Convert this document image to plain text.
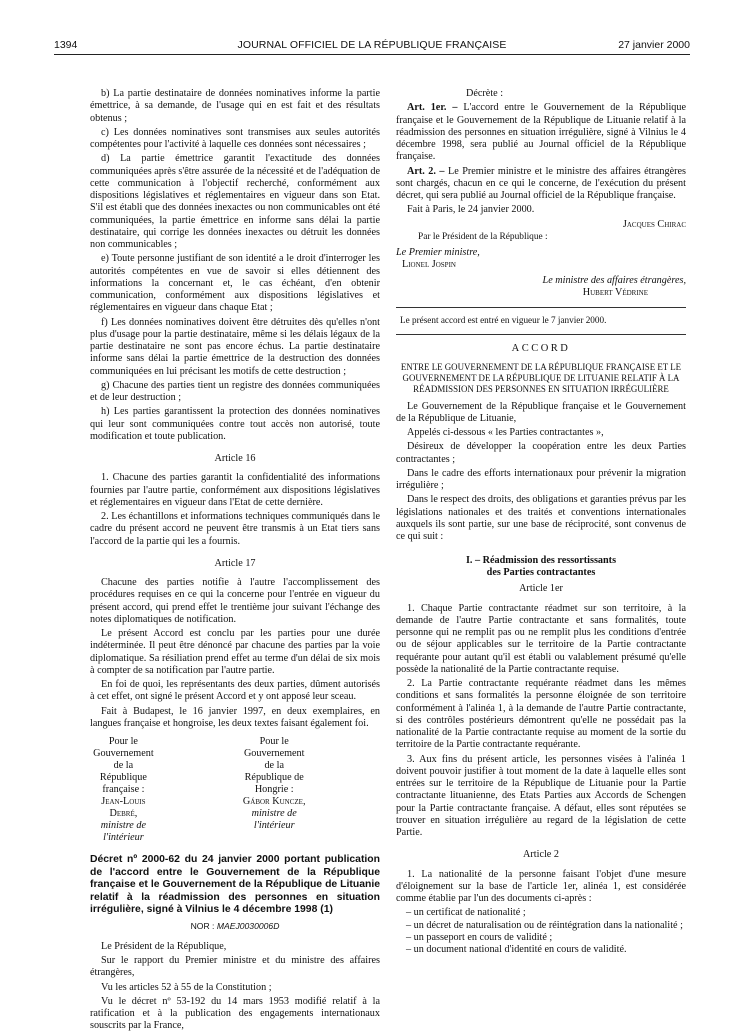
1394	JOURNAL OFFICIEL DE LA RÉPUBLIQUE FRANÇAISE	27 janvier 2000

b) La partie destinataire de données nominatives informe la partie émettrice, à sa demande, de l'usage qui en est fait et des résultats obtenus ;

c) Les données nominatives sont transmises aux seules autorités compétentes pour l'activité à laquelle ces données sont nécessaires ;

d) La partie émettrice garantit l'exactitude des données communiquées après s'être assurée de la nécessité et de l'adéquation de cette communication à l'objectif recherché, conformément aux dispositions législatives et réglementaires en vigueur dans son Etat. S'il est établi que des données inexactes ou non communicables ont été communiquées, la partie émettrice en informe sans délai la partie destinataire, qui corrige les données inexactes ou détruit les données non communicables ;

e) Toute personne justifiant de son identité a le droit d'interroger les autorités compétentes en vue de savoir si elles détiennent des informations la concernant et, le cas échéant, d'en obtenir communication, conformément aux dispositions législatives et réglementaires en vigueur dans chaque Etat ;

f) Les données nominatives doivent être détruites dès qu'elles n'ont plus d'usage pour la partie destinataire, même si les délais légaux de la partie destinataire ne sont pas encore échus. La partie destinataire informe sans délai la partie émettrice de la destruction des données communiquées en lui précisant les motifs de cette destruction ;

g) Chacune des parties tient un registre des données communiquées et de leur destruction ;

h) Les parties garantissent la protection des données nominatives qui leur sont communiquées contre tout accès non autorisé, toute modification et toute publication.

Article 16

1. Chacune des parties garantit la confidentialité des informations fournies par l'autre partie, conformément aux dispositions législatives et réglementaires en vigueur dans l'Etat de cette dernière.

2. Les échantillons et informations techniques communiqués dans le cadre du présent accord ne peuvent être transmis à un Etat tiers sans l'accord de la partie qui les a fournis.

Article 17

Chacune des parties notifie à l'autre l'accomplissement des procédures requises en ce qui la concerne pour l'entrée en vigueur du présent accord, qui prend effet le trentième jour suivant l'échange des notes diplomatiques de notification.

Le présent Accord est conclu par les parties pour une durée indéterminée. Il peut être dénoncé par chacune des parties par la voie diplomatique. Sa résiliation prend effet au terme d'un délai de six mois à compter de sa notification par l'autre partie.

En foi de quoi, les représentants des deux parties, dûment autorisés à cet effet, ont signé le présent Accord et y ont apposé leur sceau.

Fait à Budapest, le 16 janvier 1997, en deux exemplaires, en langues française et hongroise, les deux textes faisant également foi.

Pour le Gouvernement
de la République française :
Jean-Louis Debré,
ministre de l'intérieur
Pour le Gouvernement
de la République de Hongrie :
Gábor Kuncze,
ministre de l'intérieur
Décret nº 2000-62 du 24 janvier 2000 portant publication de l'accord entre le Gouvernement de la République française et le Gouvernement de la République de Lituanie relatif à la réadmission des personnes en situation irrégulière, signé à Vilnius le 4 décembre 1998 (1)
NOR : MAEJ0030006D

Le Président de la République,

Sur le rapport du Premier ministre et du ministre des affaires étrangères,

Vu les articles 52 à 55 de la Constitution ;

Vu le décret nº 53-192 du 14 mars 1953 modifié relatif à la ratification et à la publication des engagements internationaux souscrits par la France,

Décrète :

Art. 1er. – L'accord entre le Gouvernement de la République française et le Gouvernement de la République de Lituanie relatif à la réadmission des personnes en situation irrégulière, signé à Vilnius le 4 décembre 1998, sera publié au Journal officiel de la République française.

Art. 2. – Le Premier ministre et le ministre des affaires étrangères sont chargés, chacun en ce qui le concerne, de l'exécution du présent décret, qui sera publié au Journal officiel de la République française.

Fait à Paris, le 24 janvier 2000.

Jacques Chirac
Par le Président de la République :
Le Premier ministre,
Lionel Jospin
Le ministre des affaires étrangères,
Hubert Védrine
Le présent accord est entré en vigueur le 7 janvier 2000.
ACCORD
ENTRE LE GOUVERNEMENT DE LA RÉPUBLIQUE FRANÇAISE ET LE GOUVERNEMENT DE LA RÉPUBLIQUE DE LITUANIE RELATIF À LA RÉADMISSION DES PERSONNES EN SITUATION IRRÉGULIÈRE

Le Gouvernement de la République française et le Gouvernement de la République de Lituanie,

Appelés ci-dessous « les Parties contractantes »,

Désireux de développer la coopération entre les deux Parties contractantes ;

Dans le cadre des efforts internationaux pour prévenir la migration irrégulière ;

Dans le respect des droits, des obligations et garanties prévus par les législations nationales et des traités et conventions internationales auxquels ils sont partie, sur une base de réciprocité, sont convenus de ce qui suit :

I. – Réadmission des ressortissants
des Parties contractantes
Article 1er

1. Chaque Partie contractante réadmet sur son territoire, à la demande de l'autre Partie contractante et sans formalités, toute personne qui ne remplit pas ou ne remplit plus les conditions d'entrée ou de séjour applicables sur le territoire de la Partie contractante requérante pour autant qu'il est établi ou valablement présumé qu'elle possède la nationalité de la Partie contractante requise.

2. La Partie contractante requérante réadmet dans les mêmes conditions et sans formalités la personne éloignée de son territoire conformément à l'alinéa 1, à la demande de l'autre Partie contractante, si des contrôles postérieurs démontrent qu'elle ne possédait pas la nationalité de la Partie contractante requise au moment de la sortie du territoire de la Partie contractante requérante.

3. Aux fins du présent article, les personnes visées à l'alinéa 1 doivent pouvoir justifier à tout moment de la date à laquelle elles sont entrées sur le territoire de la République de Lituanie pour la Partie contractante lituanienne, des Etats Parties aux Accords de Schengen pour la Partie contractante française. A défaut, elles sont réputées se trouver en situation irrégulière au regard de la législation de cette Partie.

Article 2

1. La nationalité de la personne faisant l'objet d'une mesure d'éloignement sur la base de l'article 1er, alinéa 1, est considérée comme établie par l'un des documents ci-après :

– un certificat de nationalité ;
– un décret de naturalisation ou de réintégration dans la nationalité ;
– un passeport en cours de validité ;
– un document national d'identité en cours de validité.
